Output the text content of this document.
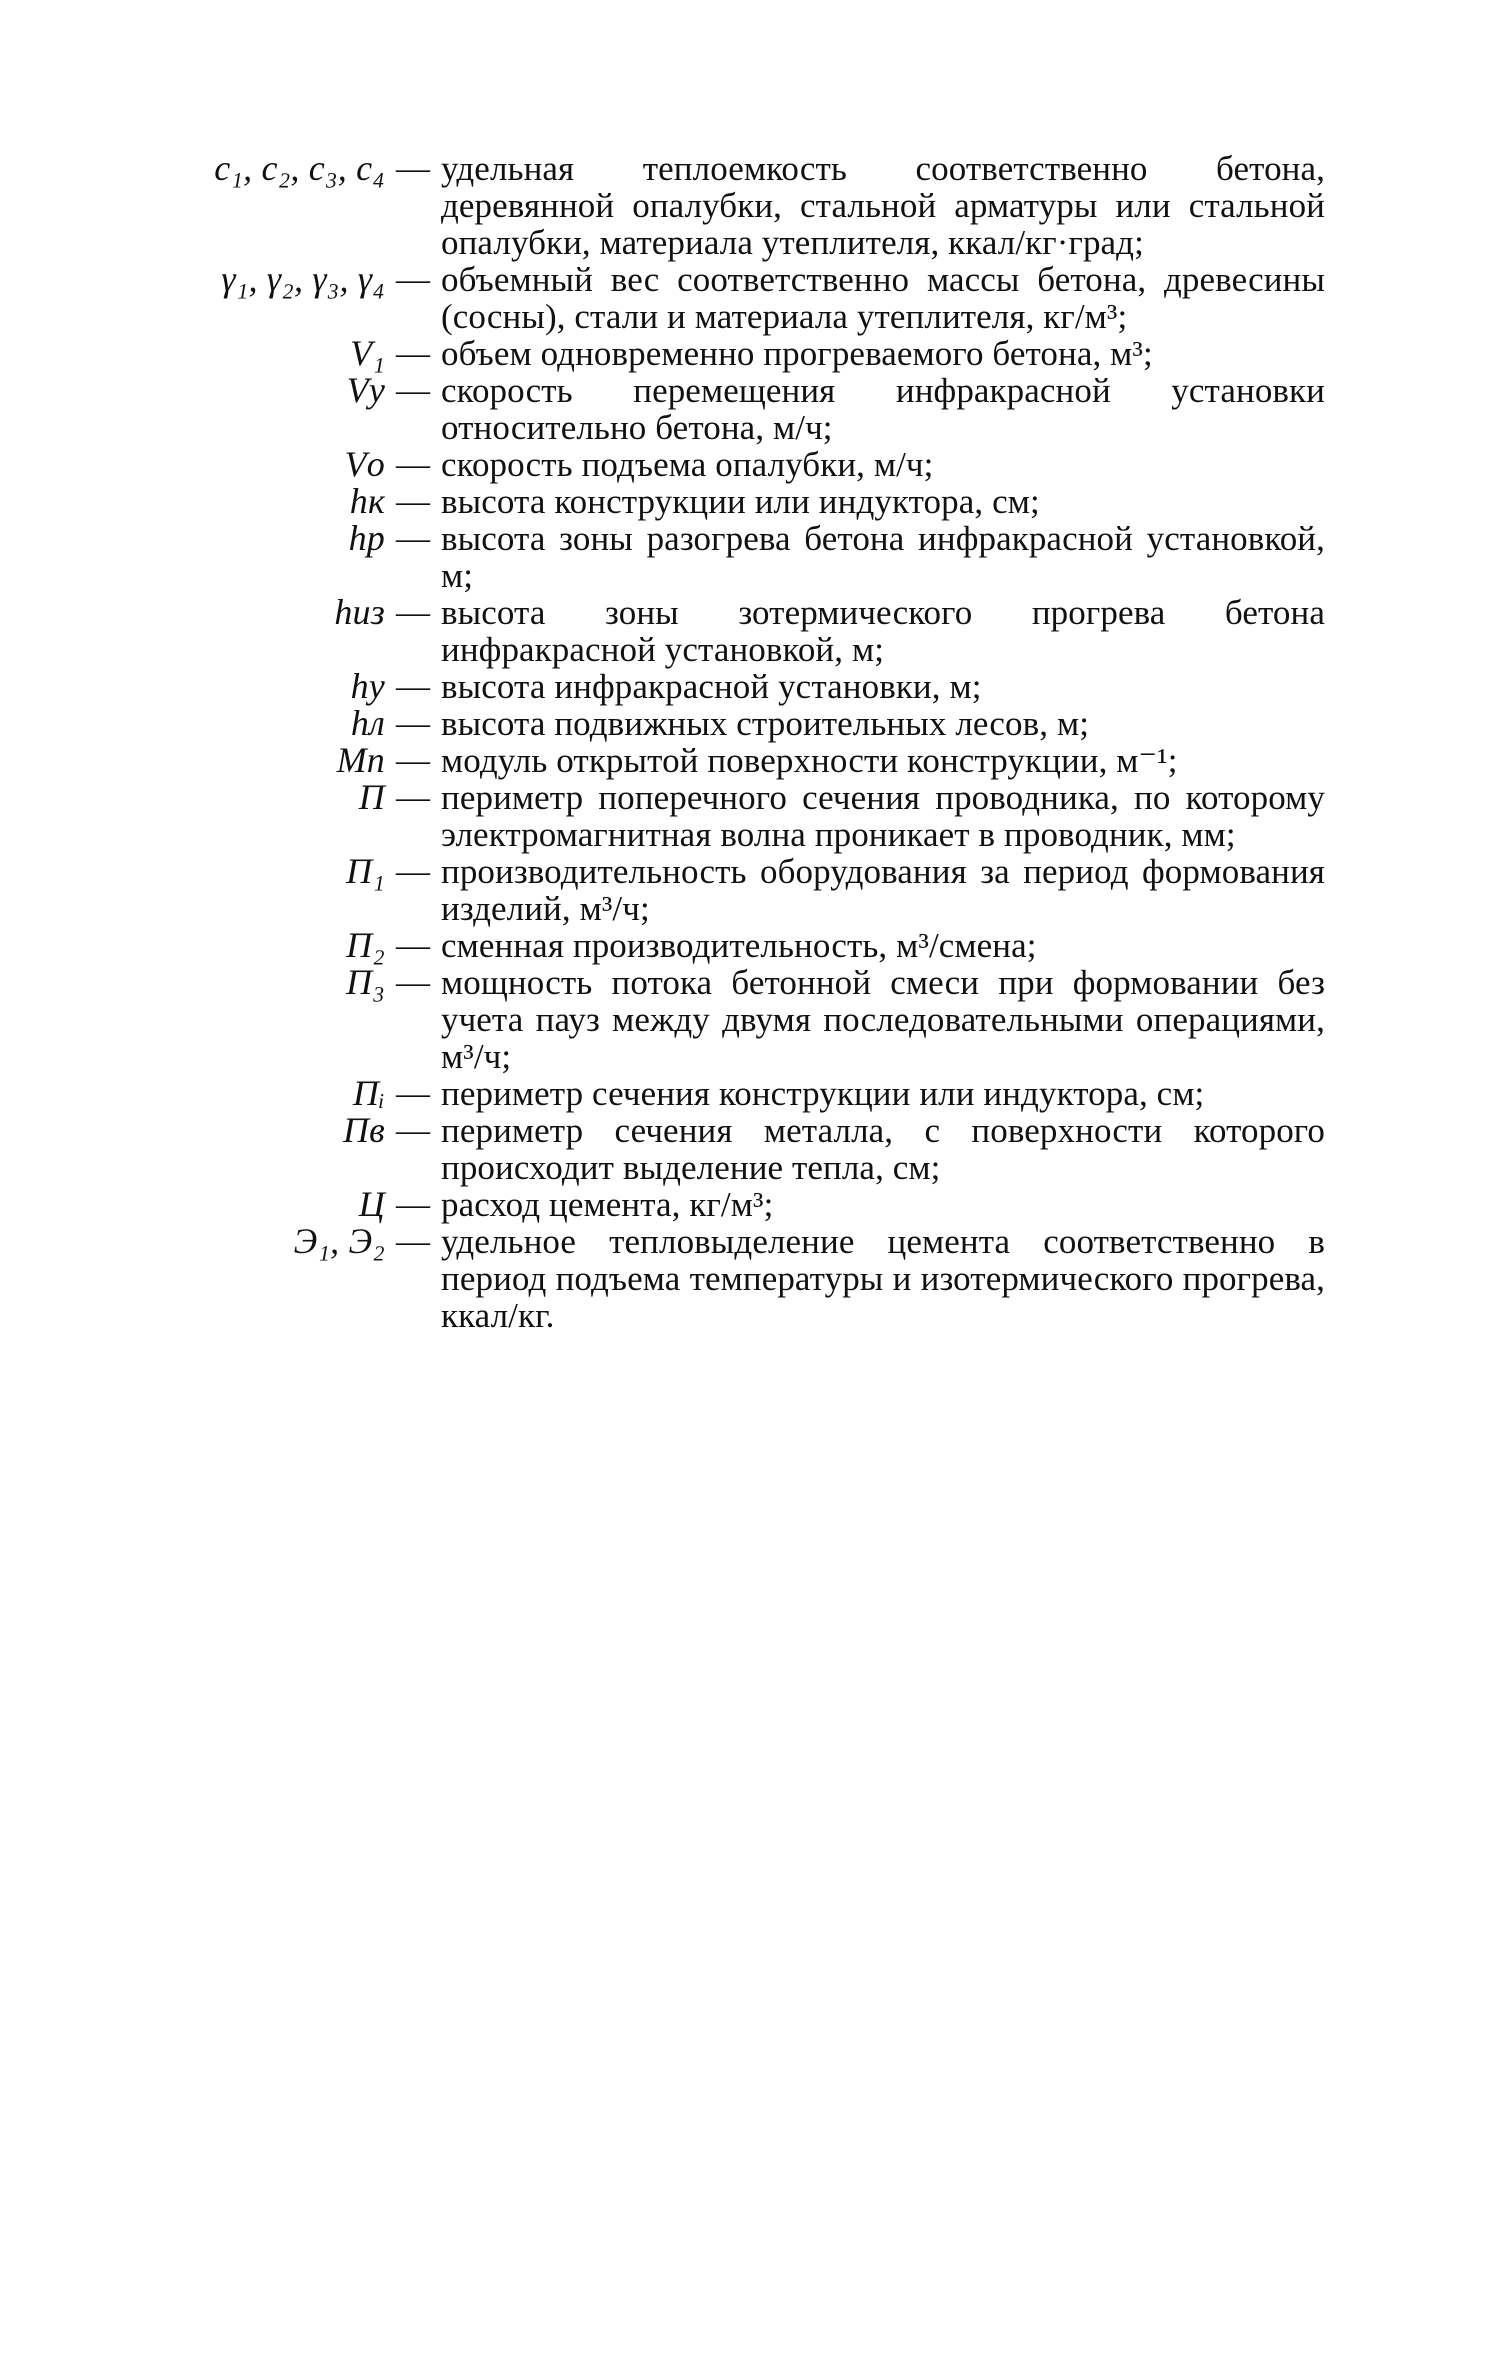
c₁, c₂, c₃, c₄ — удельная теплоемкость соответственно бетона, деревянной опалубки, стальной арматуры или стальной опалубки, материала утеплителя, ккал/кг·град;
γ₁, γ₂, γ₃, γ₄ — объемный вес соответственно массы бетона, древесины (сосны), стали и материала утеплителя, кг/м³;
V₁ — объем одновременно прогреваемого бетона, м³;
Vу — скорость перемещения инфракрасной установки относительно бетона, м/ч;
Vо — скорость подъема опалубки, м/ч;
hк — высота конструкции или индуктора, см;
hр — высота зоны разогрева бетона инфракрасной установкой, м;
hиз — высота зоны зотермического прогрева бетона инфракрасной установкой, м;
hу — высота инфракрасной установки, м;
hл — высота подвижных строительных лесов, м;
Mп — модуль открытой поверхности конструкции, м⁻¹;
П — периметр поперечного сечения проводника, по которому электромагнитная волна проникает в проводник, мм;
П₁ — производительность оборудования за период формования изделий, м³/ч;
П₂ — сменная производительность, м³/смена;
П₃ — мощность потока бетонной смеси при формовании без учета пауз между двумя последовательными операциями, м³/ч;
Пᵢ — периметр сечения конструкции или индуктора, см;
Пв — периметр сечения металла, с поверхности которого происходит выделение тепла, см;
Ц — расход цемента, кг/м³;
Э₁, Э₂ — удельное тепловыделение цемента соответственно в период подъема температуры и изотермического прогрева, ккал/кг.
